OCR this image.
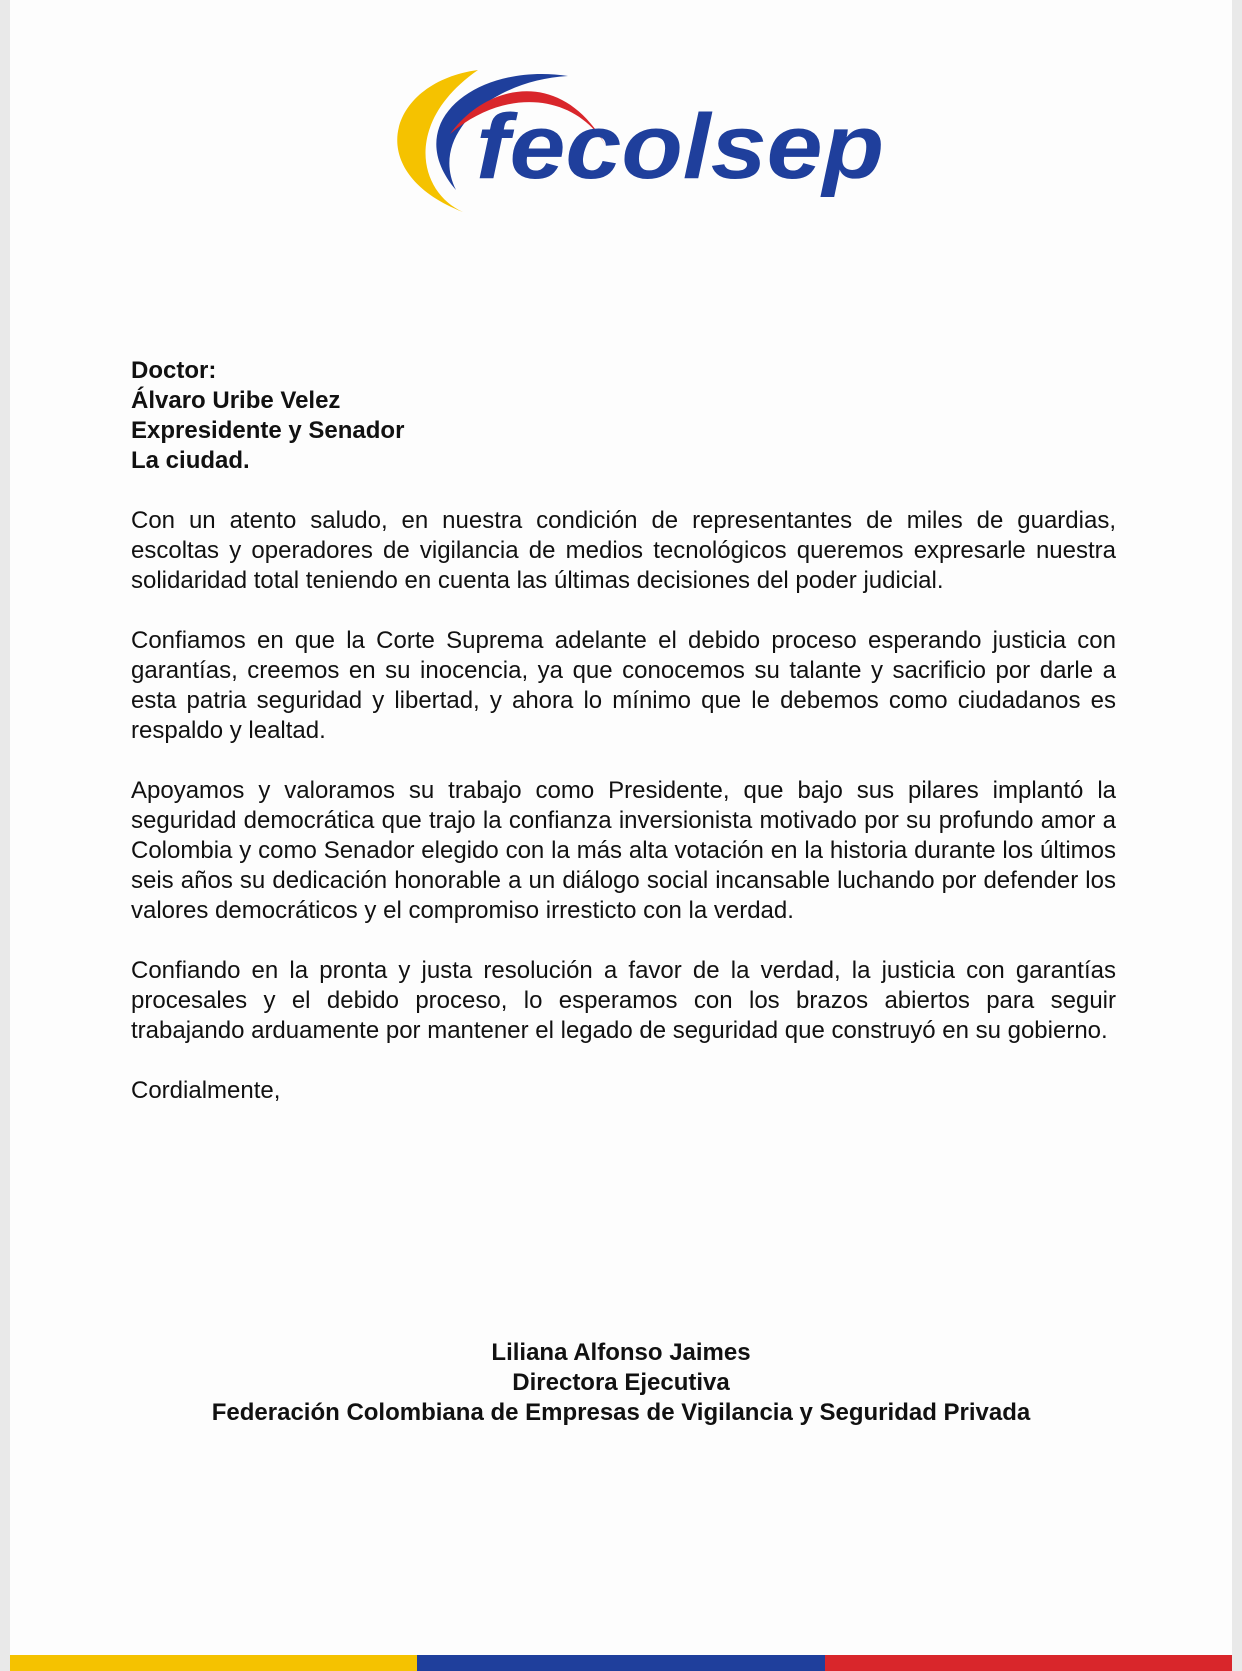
fecolsep
Doctor:
Álvaro Uribe Velez
Expresidente y Senador
La ciudad.

Con un atento saludo, en nuestra condición de representantes de miles de guardias, escoltas y operadores de vigilancia de medios tecnológicos queremos expresarle nuestra solidaridad total teniendo en cuenta las últimas decisiones del poder judicial.

Confiamos en que la Corte Suprema adelante el debido proceso esperando justicia con garantías, creemos en su inocencia, ya que conocemos su talante y sacrificio por darle a esta patria seguridad y libertad, y ahora lo mínimo que le debemos como ciudadanos es respaldo y lealtad.

Apoyamos y valoramos su trabajo como Presidente, que bajo sus pilares implantó la seguridad democrática que trajo la confianza inversionista motivado por su profundo amor a Colombia y como Senador elegido con la más alta votación en la historia durante los últimos seis años su dedicación honorable a un diálogo social incansable luchando por defender los valores democráticos y el compromiso irresticto con la verdad.

Confiando en la pronta y justa resolución a favor de la verdad, la justicia con garantías procesales y el debido proceso, lo esperamos con los brazos abiertos para seguir trabajando arduamente por mantener el legado de seguridad que construyó en su gobierno.

Cordialmente,
Liliana Alfonso Jaimes
Directora Ejecutiva
Federación Colombiana de Empresas de Vigilancia y Seguridad Privada
